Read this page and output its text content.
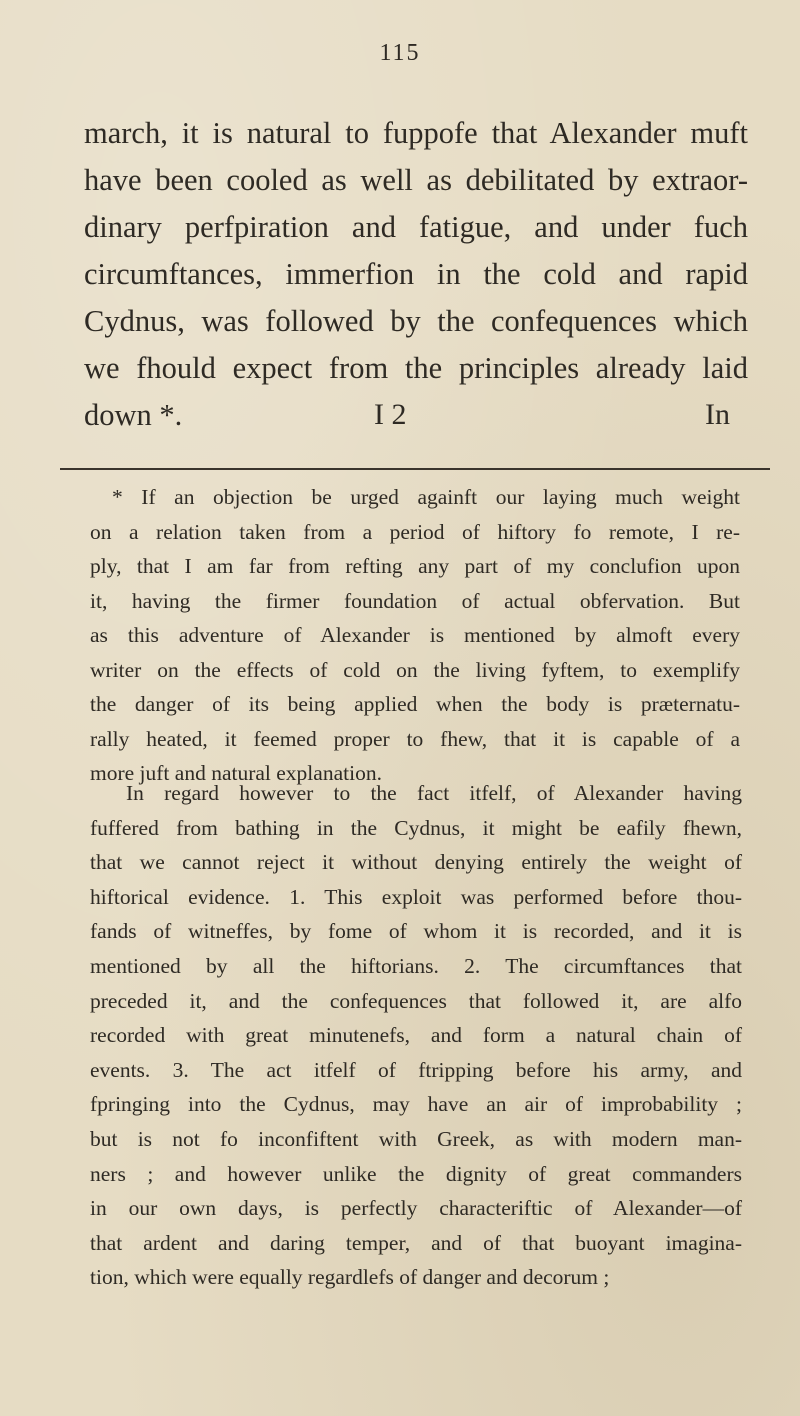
115
march, it is natural to fuppofe that Alexander muft
have been cooled as well as debilitated by extraor-
dinary perfpiration and fatigue, and under fuch
circumftances, immerfion in the cold and rapid
Cydnus, was followed by the confequences which
we fhould expect from the principles already laid
down *.	I 2	In
* If an objection be urged againft our laying much weight
on a relation taken from a period of hiftory fo remote, I re-
ply, that I am far from refting any part of my conclufion upon
it, having the firmer foundation of actual obfervation. But
as this adventure of Alexander is mentioned by almoft every
writer on the effects of cold on the living fyftem, to exemplify
the danger of its being applied when the body is præternatu-
rally heated, it feemed proper to fhew, that it is capable of a
more juft and natural explanation.
In regard however to the fact itfelf, of Alexander having
fuffered from bathing in the Cydnus, it might be eafily fhewn,
that we cannot reject it without denying entirely the weight of
hiftorical evidence. 1. This exploit was performed before thou-
fands of witneffes, by fome of whom it is recorded, and it is
mentioned by all the hiftorians. 2. The circumftances that
preceded it, and the confequences that followed it, are alfo
recorded with great minutenefs, and form a natural chain of
events. 3. The act itfelf of ftripping before his army, and
fpringing into the Cydnus, may have an air of improbability ;
but is not fo inconfiftent with Greek, as with modern man-
ners ; and however unlike the dignity of great commanders
in our own days, is perfectly characteriftic of Alexander—of
that ardent and daring temper, and of that buoyant imagina-
tion, which were equally regardlefs of danger and decorum ;
